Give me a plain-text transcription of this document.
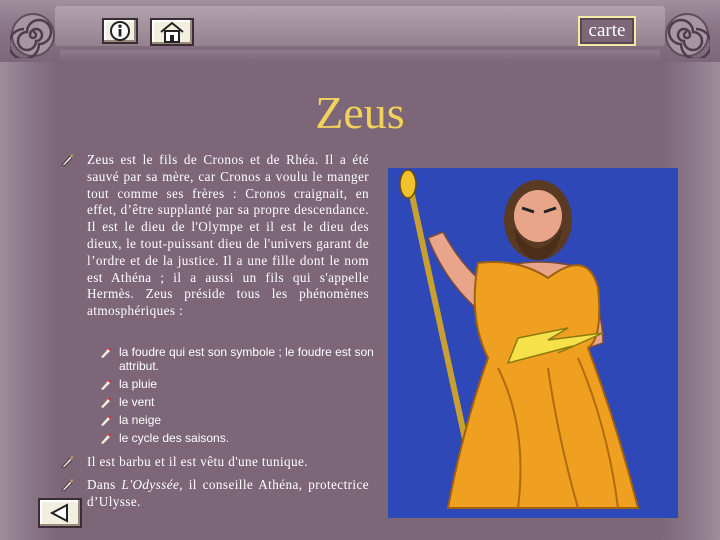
carte
Zeus
Zeus est le fils de Cronos et de Rhéa. Il a été sauvé par sa mère, car Cronos a voulu le manger tout comme ses frères : Cronos craignait, en effet, d’être supplanté par sa propre descendance. Il est le dieu de l'Olympe et il est le dieu des dieux, le tout-puissant dieu de l'univers garant de l’ordre et de la justice. Il a une fille dont le nom est Athéna ; il a aussi un fils qui s'appelle Hermès. Zeus préside tous les phénomènes atmosphériques :
la foudre qui est son symbole ; le foudre est son attribut.
la pluie
le vent
la neige
le cycle des saisons.
Il est barbu et il est vêtu d'une tunique.
Dans L'Odyssée, il conseille Athéna, protectrice d’Ulysse.
